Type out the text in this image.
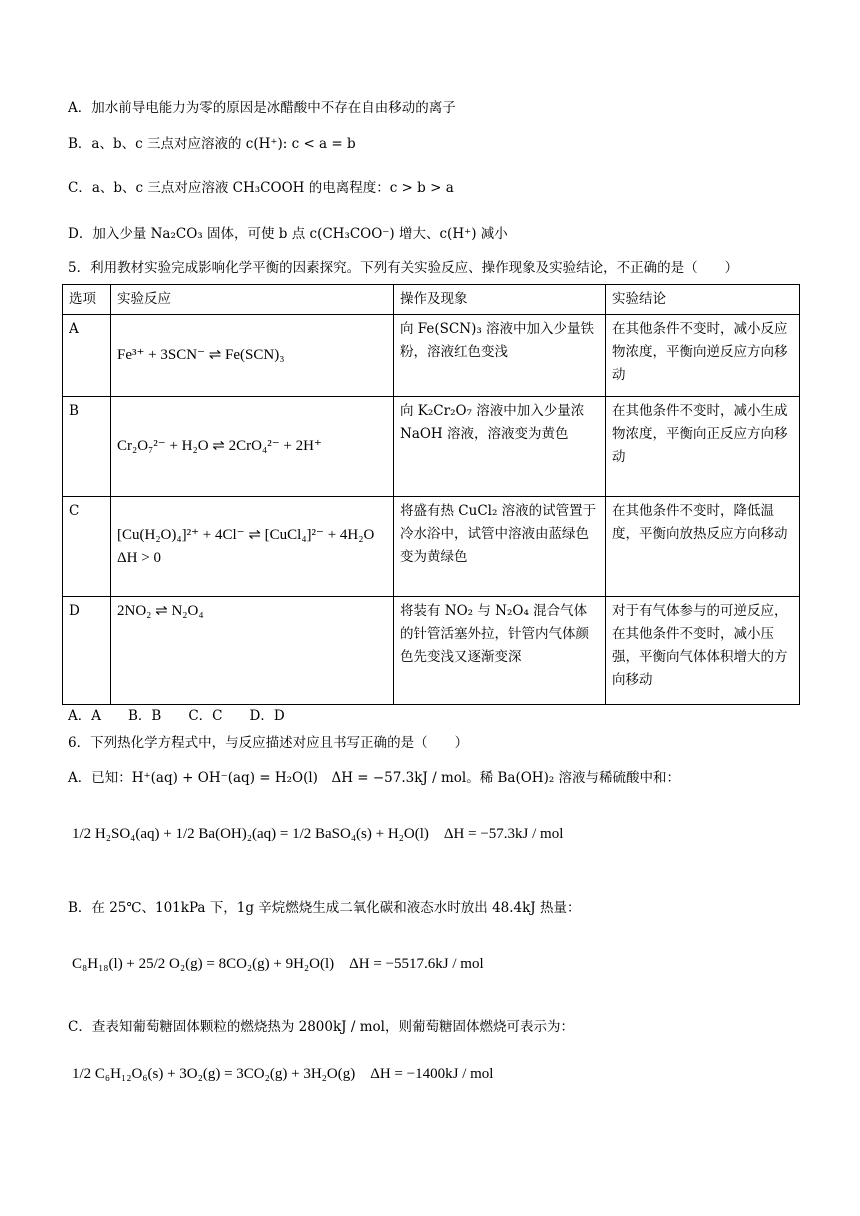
A．加水前导电能力为零的原因是冰醋酸中不存在自由移动的离子
B．a、b、c 三点对应溶液的 c(H⁺): c < a = b
C．a、b、c 三点对应溶液 CH₃COOH 的电离程度：c > b > a
D．加入少量 Na₂CO₃ 固体，可使 b 点 c(CH₃COO⁻) 增大、c(H⁺) 减小
5．利用教材实验完成影响化学平衡的因素探究。下列有关实验反应、操作现象及实验结论，不正确的是（　　）
选项	实验反应	操作及现象	实验结论
A	Fe³⁺ + 3SCN⁻ ⇌ Fe(SCN)₃	向 Fe(SCN)₃ 溶液中加入少量铁粉，溶液红色变浅	在其他条件不变时，减小反应物浓度，平衡向逆反应方向移动
B	Cr₂O₇²⁻ + H₂O ⇌ 2CrO₄²⁻ + 2H⁺	向 K₂Cr₂O₇ 溶液中加入少量浓 NaOH 溶液，溶液变为黄色	在其他条件不变时，减小生成物浓度，平衡向正反应方向移动
C	[Cu(H₂O)₄]²⁺ + 4Cl⁻ ⇌ [CuCl₄]²⁻ + 4H₂O ΔH > 0	将盛有热 CuCl₂ 溶液的试管置于冷水浴中，试管中溶液由蓝绿色变为黄绿色	在其他条件不变时，降低温度，平衡向放热反应方向移动
D	2NO₂ ⇌ N₂O₄	将装有 NO₂ 与 N₂O₄ 混合气体的针管活塞外拉，针管内气体颜色先变浅又逐渐变深	对于有气体参与的可逆反应，在其他条件不变时，减小压强，平衡向气体体积增大的方向移动
A．A　　B．B　　C．C　　D．D
6．下列热化学方程式中，与反应描述对应且书写正确的是（　　）
A．已知：H⁺(aq) + OH⁻(aq) = H₂O(l)　ΔH = −57.3kJ / mol。稀 Ba(OH)₂ 溶液与稀硫酸中和：
1/2 H₂SO₄(aq) + 1/2 Ba(OH)₂(aq) = 1/2 BaSO₄(s) + H₂O(l)　ΔH = −57.3kJ / mol
B．在 25℃、101kPa 下，1g 辛烷燃烧生成二氧化碳和液态水时放出 48.4kJ 热量：
C₈H₁₈(l) + 25/2 O₂(g) = 8CO₂(g) + 9H₂O(l)　ΔH = −5517.6kJ / mol
C．查表知葡萄糖固体颗粒的燃烧热为 2800kJ / mol，则葡萄糖固体燃烧可表示为：
1/2 C₆H₁₂O₆(s) + 3O₂(g) = 3CO₂(g) + 3H₂O(g)　ΔH = −1400kJ / mol
